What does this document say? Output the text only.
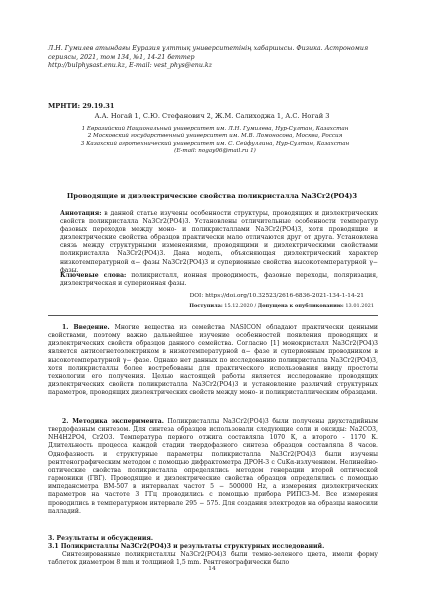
Л.Н. Гумилев атындағы Еуразия ұлттық университетінің хабаршысы. Физика. Астрономия
сериясы, 2021, том 134, №1, 14-21 беттер
http://bulphysast.enu.kz, E-mail: vest_phys@enu.kz
МРНТИ: 29.19.31
А.А. Ногай 1, С.Ю. Стефанович 2, Ж.М. Салиходжа 1, А.С. Ногай 3
1 Евразийский Национальный университет им. Л.Н. Гумилева, Нур-Султан, Казахстан
2 Московский государственный университет им. М.В. Ломоносова, Москва, Россия
3 Казахский агротехнический университет им. С. Сейфуллина, Нур-Султан, Казахстан
(E-mail: nogay06@mail.ru 1)
Проводящие и диэлектрические свойства поликристалла Na3Cr2(PO4)3
Аннотация: в данной статье изучены особенности структуры, проводящих и диэлектрических свойств поликристалла Na3Cr2(PO4)3. Установлены отличительные особенности температур фазовых переходов между моно- и поликристаллами Na3Cr2(PO4)3, хотя проводящие и диэлектрические свойства образцов практически мало отличаются друг от друга. Установлена связь между структурными изменениями, проводящими и диэлектрическими свойствами поликристалла Na3Cr2(PO4)3. Дана модель, объясняющая диэлектрический характер низкотемпературной α− фазы Na3Cr2(PO4)3 и суперионные свойства высокотемпературной γ− фазы.
Ключевые слова: поликристалл, ионная проводимость, фазовые переходы, поляризация, диэлектрическая и суперионная фазы.
DOI: https://doi.org/10.32523/2616-6836-2021-134-1-14-21
Поступила: 15.12.2020 / Допущена к опубликованию: 13.01.2021

1. Введение. Многие вещества из семейства NASICON обладают практически ценными свойствами, поэтому важно дальнейшее изучение особенностей появления проводящих и диэлектрических свойств образцов данного семейства. Согласно [1] монокристалл Na3Cr2(PO4)3 является антисегнетоэлектриком в низкотемпературной α− фазе и суперионным проводником в высокотемпературной γ− фазе. Однако нет данных по исследованию поликристалла Na3Cr2(PO4)3, хотя поликристаллы более востребованы для практического использования ввиду простоты технологии его получения. Целью настоящей работы является исследование проводящих диэлектрических свойств поликристалла Na3Cr2(PO4)3 и установление различий структурных параметров, проводящих диэлектрических свойств между моно- и поликристаллическим образцами.

2. Методика эксперимента. Поликристаллы Na3Cr2(PO4)3 были получены двухстадийным твердофазным синтезом. Для синтеза образцов использовали следующие соли и оксиды: Na2CO3, NH4H2PO4, Cr2O3. Температура первого отжига составляла 1070 К, а второго - 1170 К. Длительность процесса каждой стадии твердофазного синтеза образцов составляла 8 часов. Однофазность и структурные параметры поликристалла Na3Cr2(PO4)3 были изучены рентгенографическим методом с помощью дифрактометра ДРОН-3 с CuKα-излучением. Нелинейно-оптические свойства поликристалла определялись методом генерации второй оптической гармоники (ГВГ). Проводящие и диэлектрические свойства образцов определялись с помощью импедансметра ВМ-507 в интервалах частот 5 − 500000 Нz, а измерения диэлектрических параметров на частоте 3 ГГц проводились с помощью прибора РИПС3-М. Все измерения проводились в температурном интервале 295 − 575. Для создания электродов на образцы наносили палладий.

3. Результаты и обсуждения.
3.1 Поликристаллы Na3Cr2(PO4)3 и результаты структурных исследований.

Синтезированные поликристаллы Na3Cr2(PO4)3 были темно-зеленого цвета, имели форму таблеток диаметром 8 mm и толщиной 1,5 mm. Рентгенографически было

14
